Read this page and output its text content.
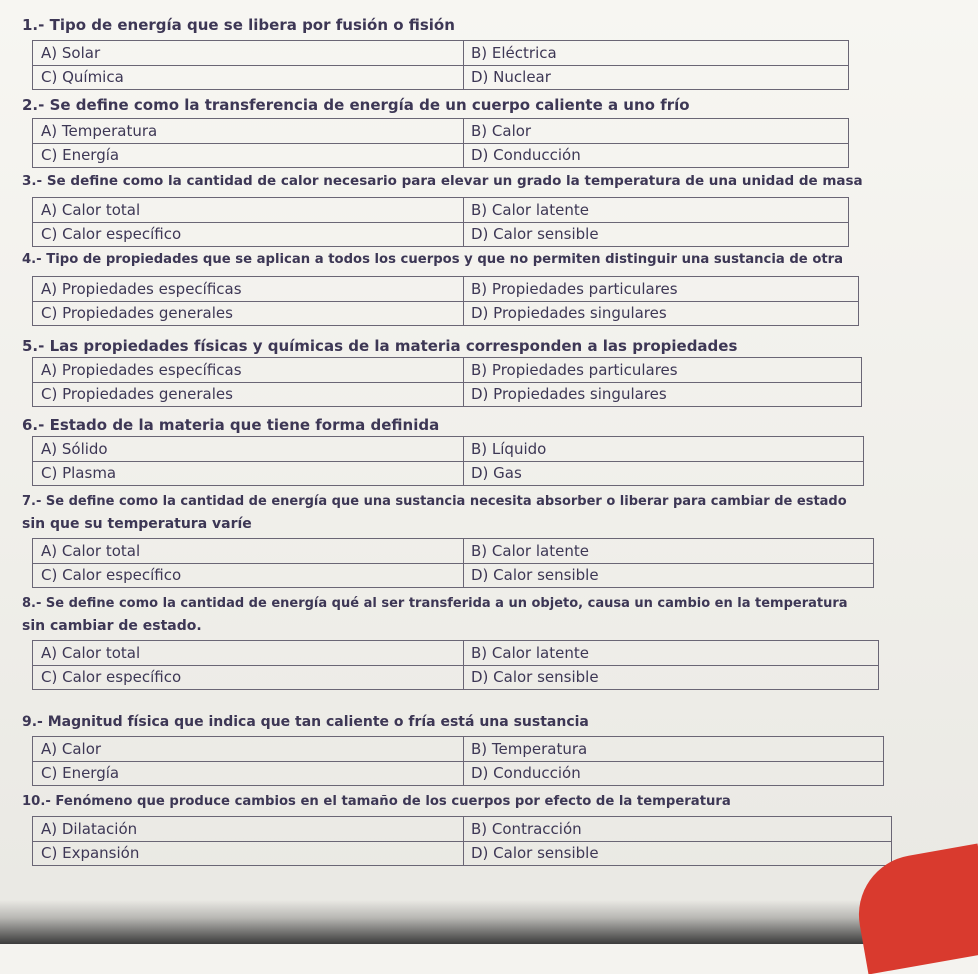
1.- Tipo de energía que se libera por fusión o fisión
A) Solar	B) Eléctrica
C) Química	D) Nuclear
2.- Se define como la transferencia de energía de un cuerpo caliente a uno frío
A) Temperatura	B) Calor
C) Energía	D) Conducción
3.- Se define como la cantidad de calor necesario para elevar un grado la temperatura de una unidad de masa
A) Calor total	B) Calor latente
C) Calor específico	D) Calor sensible
4.- Tipo de propiedades que se aplican a todos los cuerpos y que no permiten distinguir una sustancia de otra
A) Propiedades específicas	B) Propiedades particulares
C) Propiedades generales	D) Propiedades singulares
5.- Las propiedades físicas y químicas de la materia corresponden a las propiedades
A) Propiedades específicas	B) Propiedades particulares
C) Propiedades generales	D) Propiedades singulares
6.- Estado de la materia que tiene forma definida
A) Sólido	B) Líquido
C) Plasma	D) Gas
7.- Se define como la cantidad de energía que una sustancia necesita absorber o liberar para cambiar de estado
sin que su temperatura varíe
A) Calor total	B) Calor latente
C) Calor específico	D) Calor sensible
8.- Se define como la cantidad de energía qué al ser transferida a un objeto, causa un cambio en la temperatura
sin cambiar de estado.
A) Calor total	B) Calor latente
C) Calor específico	D) Calor sensible
9.- Magnitud física que indica que tan caliente o fría está una sustancia
A) Calor	B) Temperatura
C) Energía	D) Conducción
10.- Fenómeno que produce cambios en el tamaño de los cuerpos por efecto de la temperatura
A) Dilatación	B) Contracción
C) Expansión	D) Calor sensible
